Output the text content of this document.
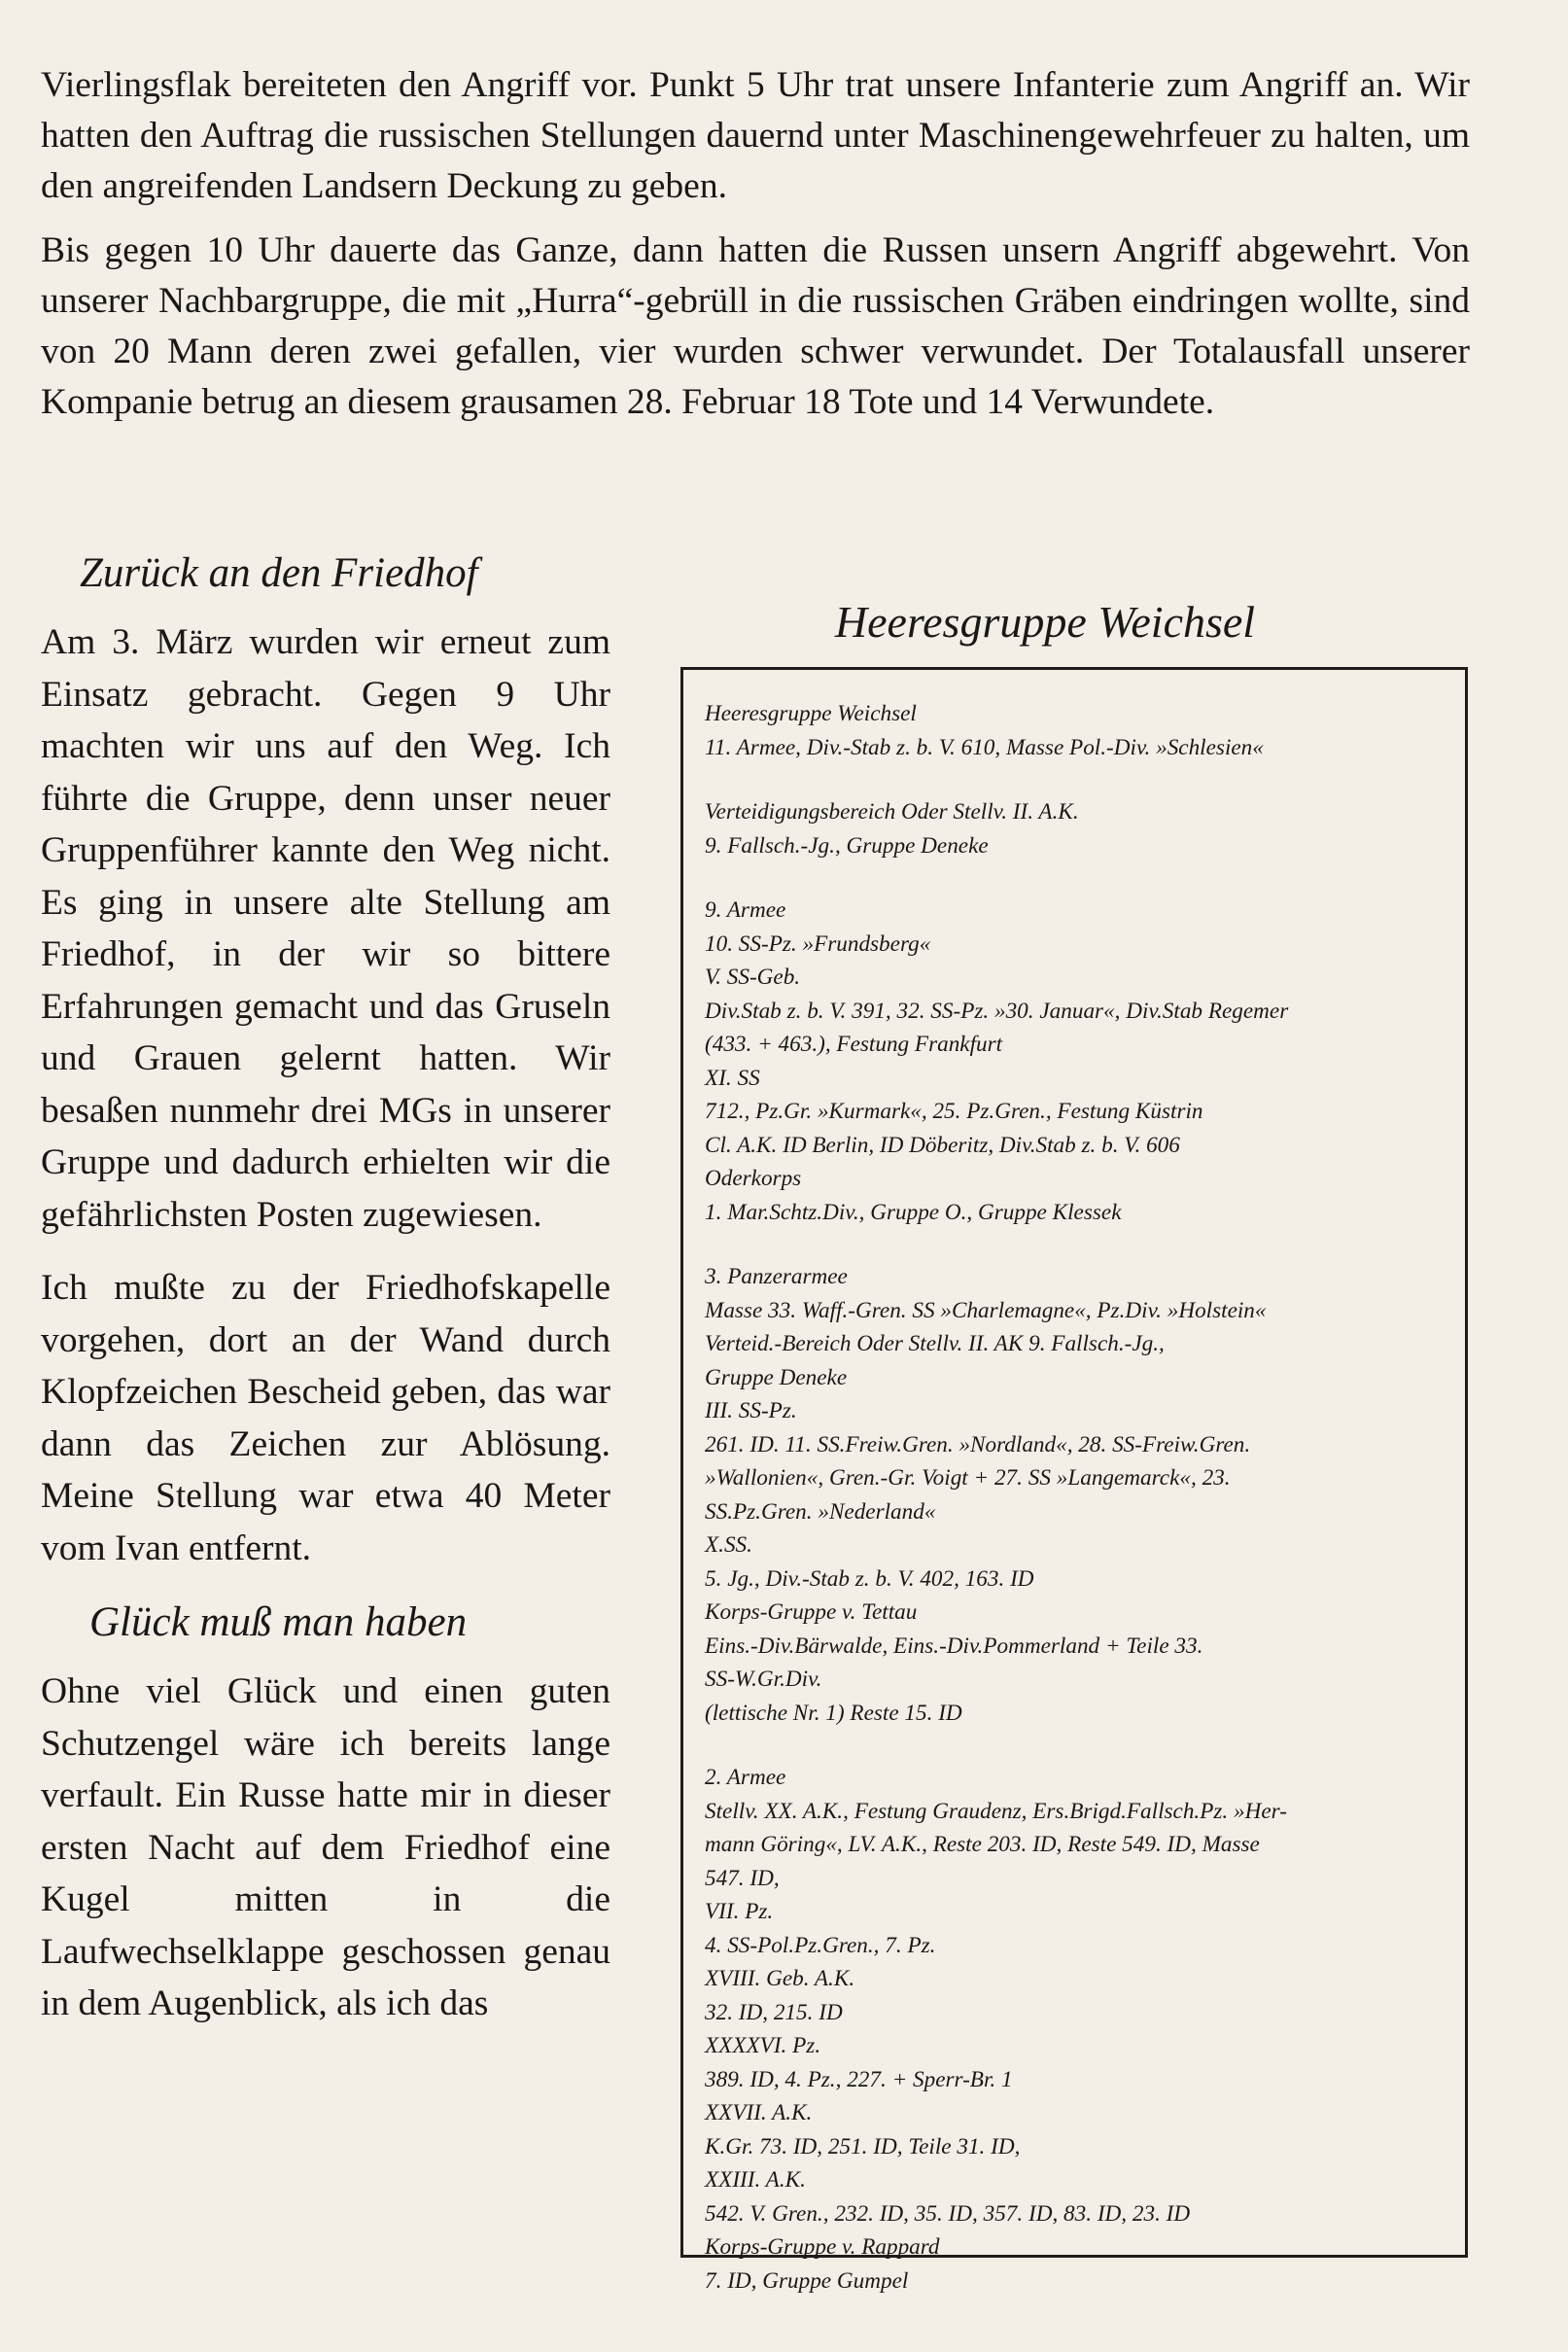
Vierlingsflak bereiteten den Angriff vor. Punkt 5 Uhr trat unsere Infanterie zum Angriff an. Wir hatten den Auftrag die russischen Stellungen dauernd unter Maschinengewehrfeuer zu halten, um den angreifenden Landsern Deckung zu geben.

Bis gegen 10 Uhr dauerte das Ganze, dann hatten die Russen unsern Angriff abgewehrt. Von unserer Nachbargruppe, die mit „Hurra“-gebrüll in die russischen Gräben eindringen wollte, sind von 20 Mann deren zwei gefallen, vier wurden schwer verwundet. Der Totalausfall unserer Kompanie betrug an diesem grausamen 28. Februar 18 Tote und 14 Verwundete.

Zurück an den Friedhof

Am 3. März wurden wir erneut zum Einsatz gebracht. Gegen 9 Uhr machten wir uns auf den Weg. Ich führte die Gruppe, denn unser neuer Gruppenführer kannte den Weg nicht. Es ging in unsere alte Stellung am Friedhof, in der wir so bittere Erfahrungen gemacht und das Gruseln und Grauen gelernt hatten. Wir besaßen nunmehr drei MGs in unserer Gruppe und dadurch erhielten wir die gefährlichsten Posten zugewiesen.

Ich mußte zu der Friedhofskapelle vorgehen, dort an der Wand durch Klopfzeichen Bescheid geben, das war dann das Zeichen zur Ablösung. Meine Stellung war etwa 40 Meter vom Ivan entfernt.

Glück muß man haben

Ohne viel Glück und einen guten Schutzengel wäre ich bereits lange verfault. Ein Russe hatte mir in dieser ersten Nacht auf dem Friedhof eine Kugel mitten in die Laufwechselklappe geschossen genau in dem Augenblick, als ich das

Heeresgruppe Weichsel
Heeresgruppe Weichsel
11. Armee, Div.-Stab z. b. V. 610, Masse Pol.-Div. »Schlesien«
Verteidigungsbereich Oder Stellv. II. A.K.
9. Fallsch.-Jg., Gruppe Deneke
9. Armee
10. SS-Pz. »Frundsberg«
V. SS-Geb.
Div.Stab z. b. V. 391, 32. SS-Pz. »30. Januar«, Div.Stab Regemer
(433. + 463.), Festung Frankfurt
XI. SS
712., Pz.Gr. »Kurmark«, 25. Pz.Gren., Festung Küstrin
Cl. A.K. ID Berlin, ID Döberitz, Div.Stab z. b. V. 606
Oderkorps
1. Mar.Schtz.Div., Gruppe O., Gruppe Klessek
3. Panzerarmee
Masse 33. Waff.-Gren. SS »Charlemagne«, Pz.Div. »Holstein«
Verteid.-Bereich Oder Stellv. II. AK 9. Fallsch.-Jg.,
Gruppe Deneke
III. SS-Pz.
261. ID. 11. SS.Freiw.Gren. »Nordland«, 28. SS-Freiw.Gren.
»Wallonien«, Gren.-Gr. Voigt + 27. SS »Langemarck«, 23.
SS.Pz.Gren. »Nederland«
X.SS.
5. Jg., Div.-Stab z. b. V. 402, 163. ID
Korps-Gruppe v. Tettau
Eins.-Div.Bärwalde, Eins.-Div.Pommerland + Teile 33.
SS-W.Gr.Div.
(lettische Nr. 1) Reste 15. ID
2. Armee
Stellv. XX. A.K., Festung Graudenz, Ers.Brigd.Fallsch.Pz. »Her-
mann Göring«, LV. A.K., Reste 203. ID, Reste 549. ID, Masse
547. ID,
VII. Pz.
4. SS-Pol.Pz.Gren., 7. Pz.
XVIII. Geb. A.K.
32. ID, 215. ID
XXXXVI. Pz.
389. ID, 4. Pz., 227. + Sperr-Br. 1
XXVII. A.K.
K.Gr. 73. ID, 251. ID, Teile 31. ID,
XXIII. A.K.
542. V. Gren., 232. ID, 35. ID, 357. ID, 83. ID, 23. ID
Korps-Gruppe v. Rappard
7. ID, Gruppe Gumpel
